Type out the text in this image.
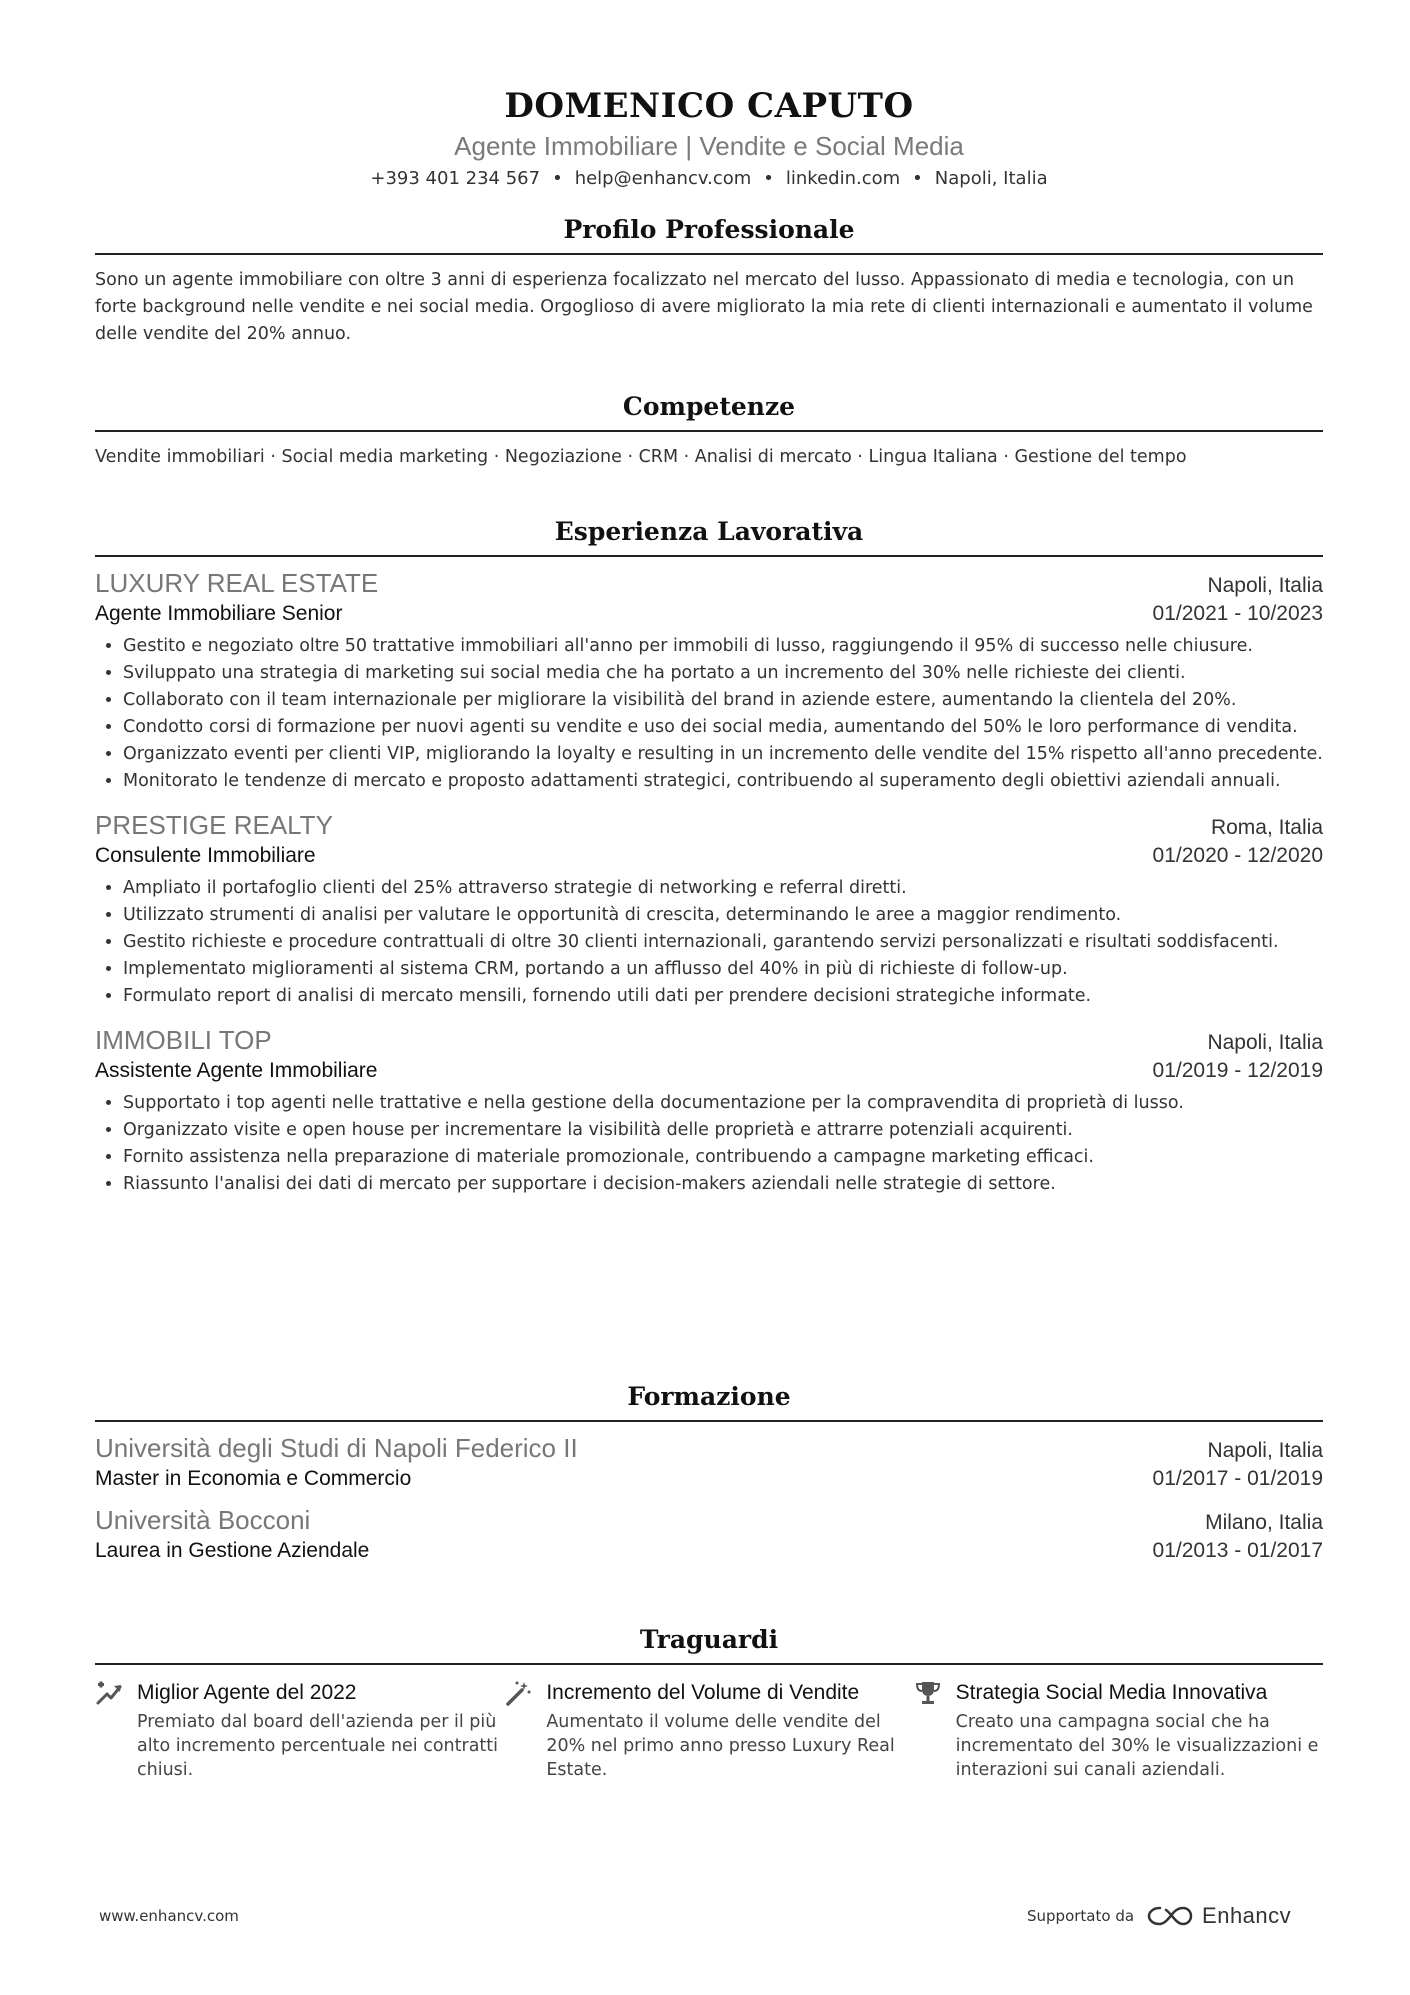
DOMENICO CAPUTO
Agente Immobiliare | Vendite e Social Media
+393 401 234 567 • help@enhancv.com • linkedin.com • Napoli, Italia
Profilo Professionale
Sono un agente immobiliare con oltre 3 anni di esperienza focalizzato nel mercato del lusso. Appassionato di media e tecnologia, con un forte background nelle vendite e nei social media. Orgoglioso di avere migliorato la mia rete di clienti internazionali e aumentato il volume delle vendite del 20% annuo.
Competenze
Vendite immobiliari · Social media marketing · Negoziazione · CRM · Analisi di mercato · Lingua Italiana · Gestione del tempo
Esperienza Lavorativa
LUXURY REAL ESTATE	Napoli, Italia
Agente Immobiliare Senior	01/2021 - 10/2023
• Gestito e negoziato oltre 50 trattative immobiliari all'anno per immobili di lusso, raggiungendo il 95% di successo nelle chiusure.
• Sviluppato una strategia di marketing sui social media che ha portato a un incremento del 30% nelle richieste dei clienti.
• Collaborato con il team internazionale per migliorare la visibilità del brand in aziende estere, aumentando la clientela del 20%.
• Condotto corsi di formazione per nuovi agenti su vendite e uso dei social media, aumentando del 50% le loro performance di vendita.
• Organizzato eventi per clienti VIP, migliorando la loyalty e resulting in un incremento delle vendite del 15% rispetto all'anno precedente.
• Monitorato le tendenze di mercato e proposto adattamenti strategici, contribuendo al superamento degli obiettivi aziendali annuali.
PRESTIGE REALTY	Roma, Italia
Consulente Immobiliare	01/2020 - 12/2020
• Ampliato il portafoglio clienti del 25% attraverso strategie di networking e referral diretti.
• Utilizzato strumenti di analisi per valutare le opportunità di crescita, determinando le aree a maggior rendimento.
• Gestito richieste e procedure contrattuali di oltre 30 clienti internazionali, garantendo servizi personalizzati e risultati soddisfacenti.
• Implementato miglioramenti al sistema CRM, portando a un afflusso del 40% in più di richieste di follow-up.
• Formulato report di analisi di mercato mensili, fornendo utili dati per prendere decisioni strategiche informate.
IMMOBILI TOP	Napoli, Italia
Assistente Agente Immobiliare	01/2019 - 12/2019
• Supportato i top agenti nelle trattative e nella gestione della documentazione per la compravendita di proprietà di lusso.
• Organizzato visite e open house per incrementare la visibilità delle proprietà e attrarre potenziali acquirenti.
• Fornito assistenza nella preparazione di materiale promozionale, contribuendo a campagne marketing efficaci.
• Riassunto l'analisi dei dati di mercato per supportare i decision-makers aziendali nelle strategie di settore.
Formazione
Università degli Studi di Napoli Federico II	Napoli, Italia
Master in Economia e Commercio	01/2017 - 01/2019
Università Bocconi	Milano, Italia
Laurea in Gestione Aziendale	01/2013 - 01/2017
Traguardi
Miglior Agente del 2022
Premiato dal board dell'azienda per il più alto incremento percentuale nei contratti chiusi.
Incremento del Volume di Vendite
Aumentato il volume delle vendite del 20% nel primo anno presso Luxury Real Estate.
Strategia Social Media Innovativa
Creato una campagna social che ha incrementato del 30% le visualizzazioni e interazioni sui canali aziendali.
www.enhancv.com	Supportato da	Enhancv
